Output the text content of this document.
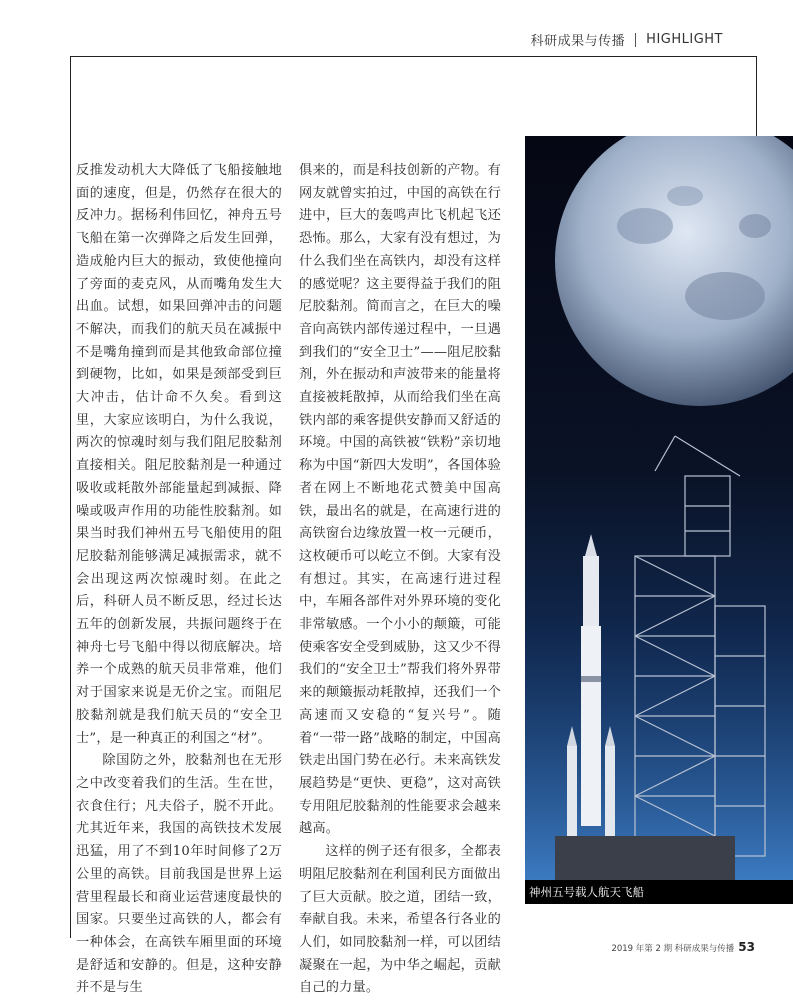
科研成果与传播 HIGHLIGHT

反推发动机大大降低了飞船接触地面的速度，但是，仍然存在很大的反冲力。据杨利伟回忆，神舟五号飞船在第一次弹降之后发生回弹，造成舱内巨大的振动，致使他撞向了旁面的麦克风，从而嘴角发生大出血。试想，如果回弹冲击的问题不解决，而我们的航天员在减振中不是嘴角撞到而是其他致命部位撞到硬物，比如，如果是颈部受到巨大冲击，估计命不久矣。看到这里，大家应该明白，为什么我说，两次的惊魂时刻与我们阻尼胶黏剂直接相关。阻尼胶黏剂是一种通过吸收或耗散外部能量起到减振、降噪或吸声作用的功能性胶黏剂。如果当时我们神州五号飞船使用的阻尼胶黏剂能够满足减振需求，就不会出现这两次惊魂时刻。在此之后，科研人员不断反思，经过长达五年的创新发展，共振问题终于在神舟七号飞船中得以彻底解决。培养一个成熟的航天员非常难，他们对于国家来说是无价之宝。而阻尼胶黏剂就是我们航天员的“安全卫士”，是一种真正的利国之“材”。

除国防之外，胶黏剂也在无形之中改变着我们的生活。生在世，衣食住行；凡夫俗子，脱不开此。尤其近年来，我国的高铁技术发展迅猛，用了不到10年时间修了2万公里的高铁。目前我国是世界上运营里程最长和商业运营速度最快的国家。只要坐过高铁的人，都会有一种体会，在高铁车厢里面的环境是舒适和安静的。但是，这种安静并不是与生

俱来的，而是科技创新的产物。有网友就曾实拍过，中国的高铁在行进中，巨大的轰鸣声比飞机起飞还恐怖。那么，大家有没有想过，为什么我们坐在高铁内，却没有这样的感觉呢？这主要得益于我们的阻尼胶黏剂。简而言之，在巨大的噪音向高铁内部传递过程中，一旦遇到我们的“安全卫士”——阻尼胶黏剂，外在振动和声波带来的能量将直接被耗散掉，从而给我们坐在高铁内部的乘客提供安静而又舒适的环境。中国的高铁被“铁粉”亲切地称为中国“新四大发明”，各国体验者在网上不断地花式赞美中国高铁，最出名的就是，在高速行进的高铁窗台边缘放置一枚一元硬币，这枚硬币可以屹立不倒。大家有没有想过。其实，在高速行进过程中，车厢各部件对外界环境的变化非常敏感。一个小小的颠簸，可能使乘客安全受到威胁，这又少不得我们的“安全卫士”帮我们将外界带来的颠簸振动耗散掉，还我们一个高速而又安稳的“复兴号”。随着“一带一路”战略的制定，中国高铁走出国门势在必行。未来高铁发展趋势是“更快、更稳”，这对高铁专用阻尼胶黏剂的性能要求会越来越高。

这样的例子还有很多，全都表明阻尼胶黏剂在利国利民方面做出了巨大贡献。胶之道，团结一致，奉献自我。未来，希望各行各业的人们，如同胶黏剂一样，可以团结凝聚在一起，为中华之崛起，贡献自己的力量。

神州五号载人航天飞船
2019 年第 2 期 科研成果与传播 53
